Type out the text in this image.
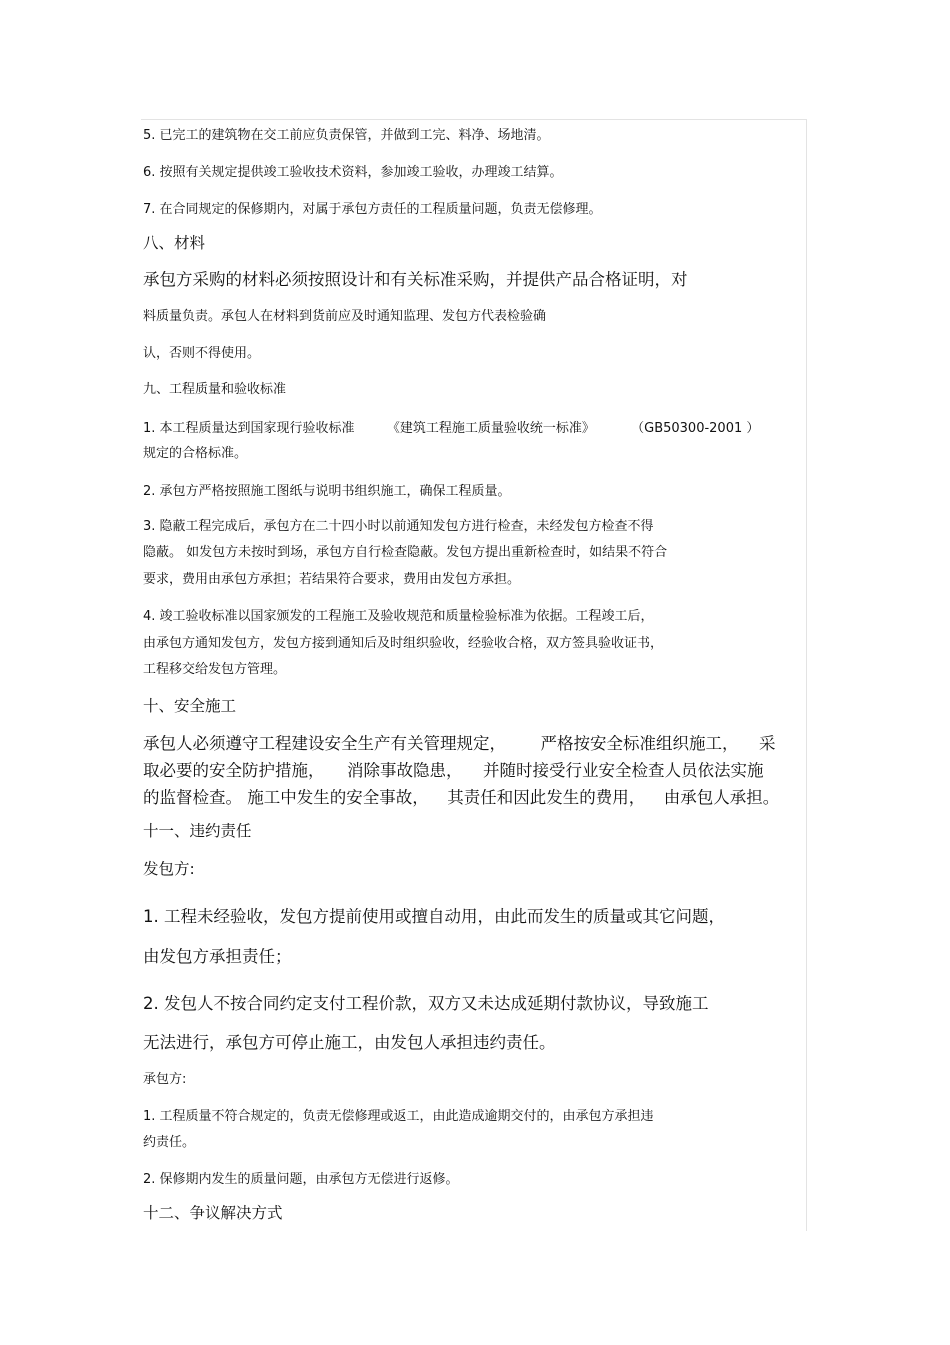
5. 已完工的建筑物在交工前应负责保管，并做到工完、料净、场地清。
6. 按照有关规定提供竣工验收技术资料，参加竣工验收，办理竣工结算。
7. 在合同规定的保修期内，对属于承包方责任的工程质量问题，负责无偿修理。
八、材料
承包方采购的材料必须按照设计和有关标准采购，并提供产品合格证明，对
料质量负责。承包人在材料到货前应及时通知监理、发包方代表检验确
认，否则不得使用。
九、工程质量和验收标准
1. 本工程质量达到国家现行验收标准 《建筑工程施工质量验收统一标准》	（GB50300-2001 ）
规定的合格标准。
2. 承包方严格按照施工图纸与说明书组织施工，确保工程质量。
3. 隐蔽工程完成后，承包方在二十四小时以前通知发包方进行检查，未经发包方检查不得
隐蔽。 如发包方未按时到场，承包方自行检查隐蔽。发包方提出重新检查时，如结果不符合
要求，费用由承包方承担；若结果符合要求，费用由发包方承担。
4. 竣工验收标准以国家颁发的工程施工及验收规范和质量检验标准为依据。工程竣工后，
由承包方通知发包方，发包方接到通知后及时组织验收，经验收合格，双方签具验收证书，
工程移交给发包方管理。
十、安全施工
承包人必须遵守工程建设安全生产有关管理规定， 严格按安全标准组织施工， 采
取必要的安全防护措施， 消除事故隐患， 并随时接受行业安全检查人员依法实施
的监督检查。 施工中发生的安全事故， 其责任和因此发生的费用， 由承包人承担。
十一、违约责任
发包方:
1. 工程未经验收，发包方提前使用或擅自动用，由此而发生的质量或其它问题，
由发包方承担责任；
2. 发包人不按合同约定支付工程价款，双方又未达成延期付款协议，导致施工
无法进行，承包方可停止施工，由发包人承担违约责任。
承包方:
1. 工程质量不符合规定的，负责无偿修理或返工，由此造成逾期交付的，由承包方承担违
约责任。
2. 保修期内发生的质量问题，由承包方无偿进行返修。
十二、争议解决方式
